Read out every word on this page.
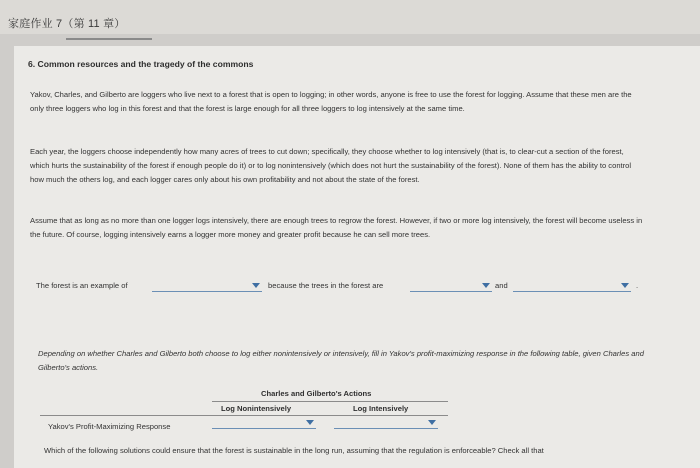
家庭作业 7（第 11 章）
6. Common resources and the tragedy of the commons
Yakov, Charles, and Gilberto are loggers who live next to a forest that is open to logging; in other words, anyone is free to use the forest for logging. Assume that these men are the only three loggers who log in this forest and that the forest is large enough for all three loggers to log intensively at the same time.
Each year, the loggers choose independently how many acres of trees to cut down; specifically, they choose whether to log intensively (that is, to clear-cut a section of the forest, which hurts the sustainability of the forest if enough people do it) or to log nonintensively (which does not hurt the sustainability of the forest). None of them has the ability to control how much the others log, and each logger cares only about his own profitability and not about the state of the forest.
Assume that as long as no more than one logger logs intensively, there are enough trees to regrow the forest. However, if two or more log intensively, the forest will become useless in the future. Of course, logging intensively earns a logger more money and greater profit because he can sell more trees.
The forest is an example of	because the trees in the forest are	and	.
Depending on whether Charles and Gilberto both choose to log either nonintensively or intensively, fill in Yakov's profit-maximizing response in the following table, given Charles and Gilberto's actions.
Charles and Gilberto's Actions
Log Nonintensively	Log Intensively
Yakov's Profit-Maximizing Response
Which of the following solutions could ensure that the forest is sustainable in the long run, assuming that the regulation is enforceable? Check all that
